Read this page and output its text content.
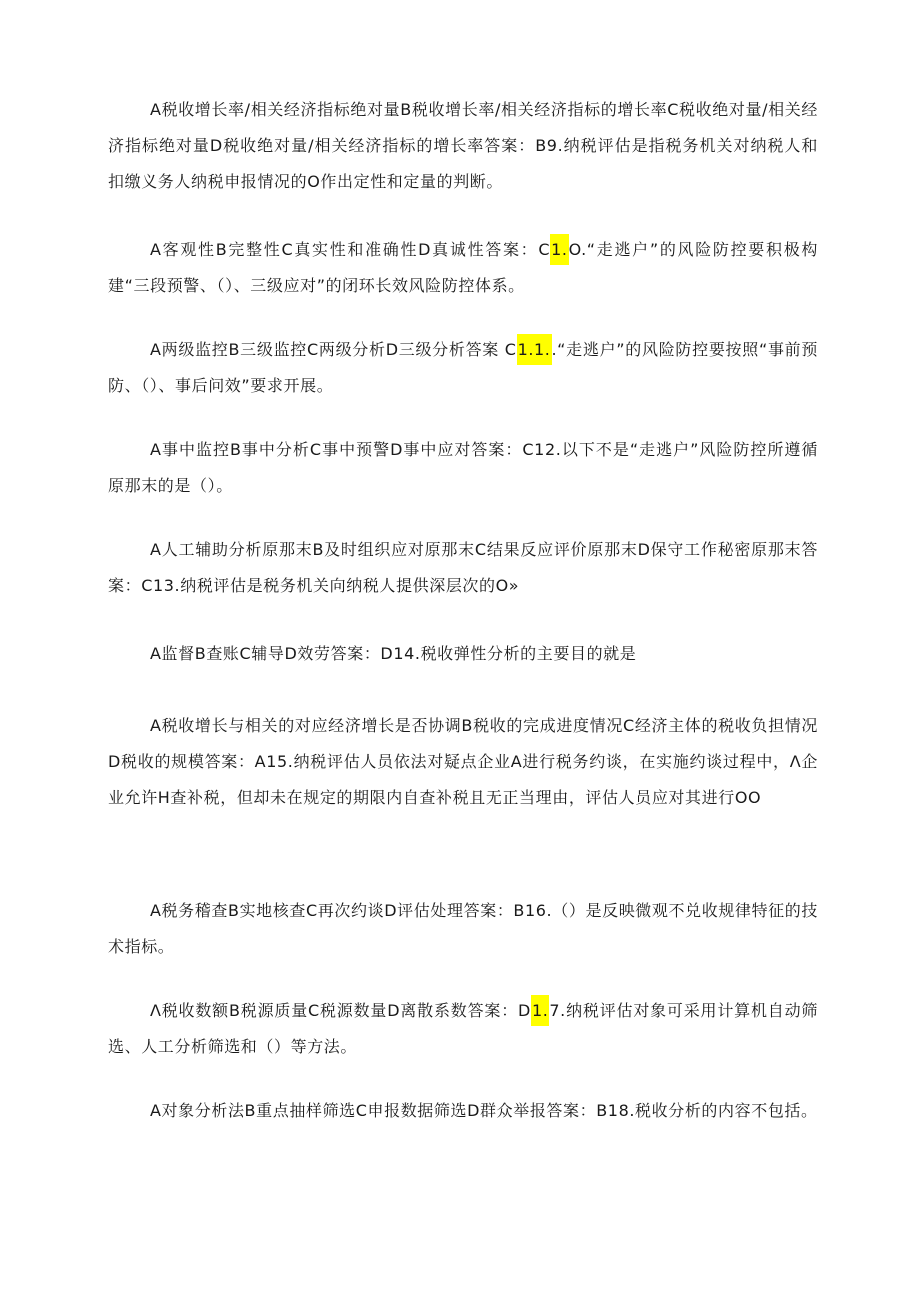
A税收增长率/相关经济指标绝对量B税收增长率/相关经济指标的增长率C税收绝对量/相关经济指标绝对量D税收绝对量/相关经济指标的增长率答案：B9.纳税评估是指税务机关对纳税人和扣缴义务人纳税申报情况的O作出定性和定量的判断。

A客观性B完整性C真实性和准确性D真诚性答案：C1.O.“走逃户”的风险防控要积极构建“三段预警、（）、三级应对”的闭环长效风险防控体系。

A两级监控B三级监控C两级分析D三级分析答案 C1.1..“走逃户”的风险防控要按照“事前预防、（）、事后问效”要求开展。

A事中监控B事中分析C事中预警D事中应对答案：C12.以下不是“走逃户”风险防控所遵循原那末的是（）。

A人工辅助分析原那末B及时组织应对原那末C结果反应评价原那末D保守工作秘密原那末答案：C13.纳税评估是税务机关向纳税人提供深层次的O»

A监督B查账C辅导D效劳答案：D14.税收弹性分析的主要目的就是

A税收增长与相关的对应经济增长是否协调B税收的完成进度情况C经济主体的税收负担情况D税收的规模答案：A15.纳税评估人员依法对疑点企业A进行税务约谈，在实施约谈过程中，Λ企业允许H查补税，但却未在规定的期限内自查补税且无正当理由，评估人员应对其进行OO

A税务稽查B实地核查C再次约谈D评估处理答案：B16.（）是反映微观不兑收规律特征的技术指标。

Λ税收数额B税源质量C税源数量D离散系数答案：D1.7.纳税评估对象可采用计算机自动筛选、人工分析筛选和（）等方法。

A对象分析法B重点抽样筛选C申报数据筛选D群众举报答案：B18.税收分析的内容不包括。
